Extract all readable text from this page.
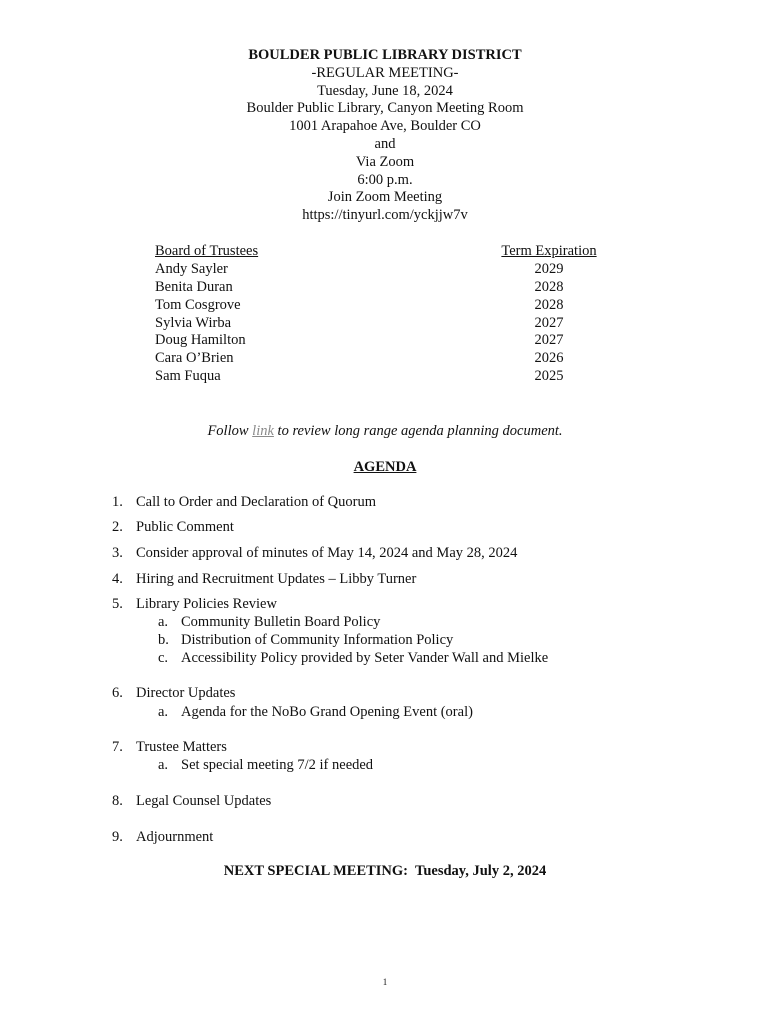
BOULDER PUBLIC LIBRARY DISTRICT
-REGULAR MEETING-
Tuesday, June 18, 2024
Boulder Public Library, Canyon Meeting Room
1001 Arapahoe Ave, Boulder CO
and
Via Zoom
6:00 p.m.
Join Zoom Meeting
https://tinyurl.com/yckjjw7v
Board of Trustees	Term Expiration
Andy Sayler	2029
Benita Duran	2028
Tom Cosgrove	2028
Sylvia Wirba	2027
Doug Hamilton	2027
Cara O’Brien	2026
Sam Fuqua	2025
Follow link to review long range agenda planning document.
AGENDA
1. Call to Order and Declaration of Quorum
2. Public Comment
3. Consider approval of minutes of May 14, 2024 and May 28, 2024
4. Hiring and Recruitment Updates – Libby Turner
5. Library Policies Review
a. Community Bulletin Board Policy
b. Distribution of Community Information Policy
c. Accessibility Policy provided by Seter Vander Wall and Mielke
6. Director Updates
a. Agenda for the NoBo Grand Opening Event (oral)
7. Trustee Matters
a. Set special meeting 7/2 if needed
8. Legal Counsel Updates
9. Adjournment
NEXT SPECIAL MEETING:  Tuesday, July 2, 2024
1
